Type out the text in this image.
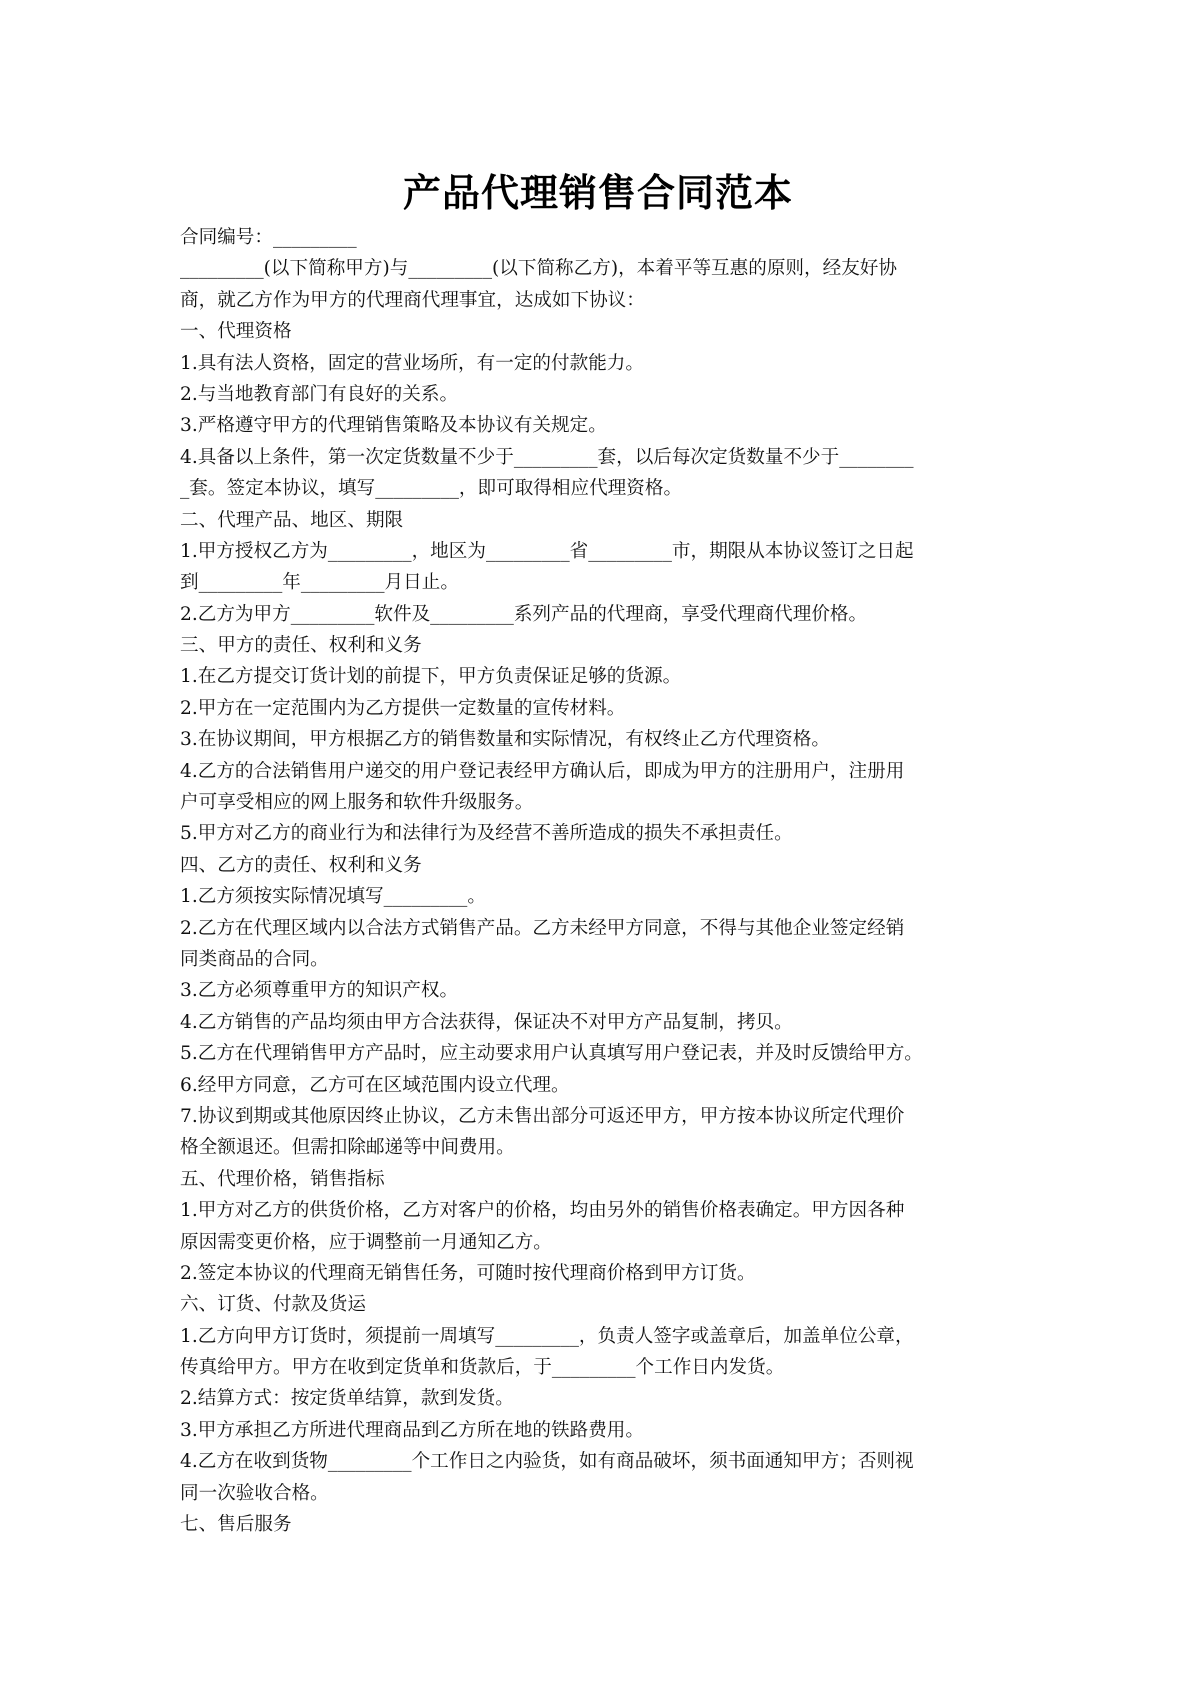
产品代理销售合同范本
合同编号：_________
_________(以下简称甲方)与_________(以下简称乙方)，本着平等互惠的原则，经友好协
商，就乙方作为甲方的代理商代理事宜，达成如下协议：
一、代理资格
1.具有法人资格，固定的营业场所，有一定的付款能力。
2.与当地教育部门有良好的关系。
3.严格遵守甲方的代理销售策略及本协议有关规定。
4.具备以上条件，第一次定货数量不少于_________套，以后每次定货数量不少于________
_套。签定本协议，填写_________，即可取得相应代理资格。
二、代理产品、地区、期限
1.甲方授权乙方为_________，地区为_________省_________市，期限从本协议签订之日起
到_________年_________月日止。
2.乙方为甲方_________软件及_________系列产品的代理商，享受代理商代理价格。
三、甲方的责任、权利和义务
1.在乙方提交订货计划的前提下，甲方负责保证足够的货源。
2.甲方在一定范围内为乙方提供一定数量的宣传材料。
3.在协议期间，甲方根据乙方的销售数量和实际情况，有权终止乙方代理资格。
4.乙方的合法销售用户递交的用户登记表经甲方确认后，即成为甲方的注册用户，注册用
户可享受相应的网上服务和软件升级服务。
5.甲方对乙方的商业行为和法律行为及经营不善所造成的损失不承担责任。
四、乙方的责任、权利和义务
1.乙方须按实际情况填写_________。
2.乙方在代理区域内以合法方式销售产品。乙方未经甲方同意，不得与其他企业签定经销
同类商品的合同。
3.乙方必须尊重甲方的知识产权。
4.乙方销售的产品均须由甲方合法获得，保证决不对甲方产品复制，拷贝。
5.乙方在代理销售甲方产品时，应主动要求用户认真填写用户登记表，并及时反馈给甲方。
6.经甲方同意，乙方可在区域范围内设立代理。
7.协议到期或其他原因终止协议，乙方未售出部分可返还甲方，甲方按本协议所定代理价
格全额退还。但需扣除邮递等中间费用。
五、代理价格，销售指标
1.甲方对乙方的供货价格，乙方对客户的价格，均由另外的销售价格表确定。甲方因各种
原因需变更价格，应于调整前一月通知乙方。
2.签定本协议的代理商无销售任务，可随时按代理商价格到甲方订货。
六、订货、付款及货运
1.乙方向甲方订货时，须提前一周填写_________，负责人签字或盖章后，加盖单位公章，
传真给甲方。甲方在收到定货单和货款后，于_________个工作日内发货。
2.结算方式：按定货单结算，款到发货。
3.甲方承担乙方所进代理商品到乙方所在地的铁路费用。
4.乙方在收到货物_________个工作日之内验货，如有商品破坏，须书面通知甲方；否则视
同一次验收合格。
七、售后服务
